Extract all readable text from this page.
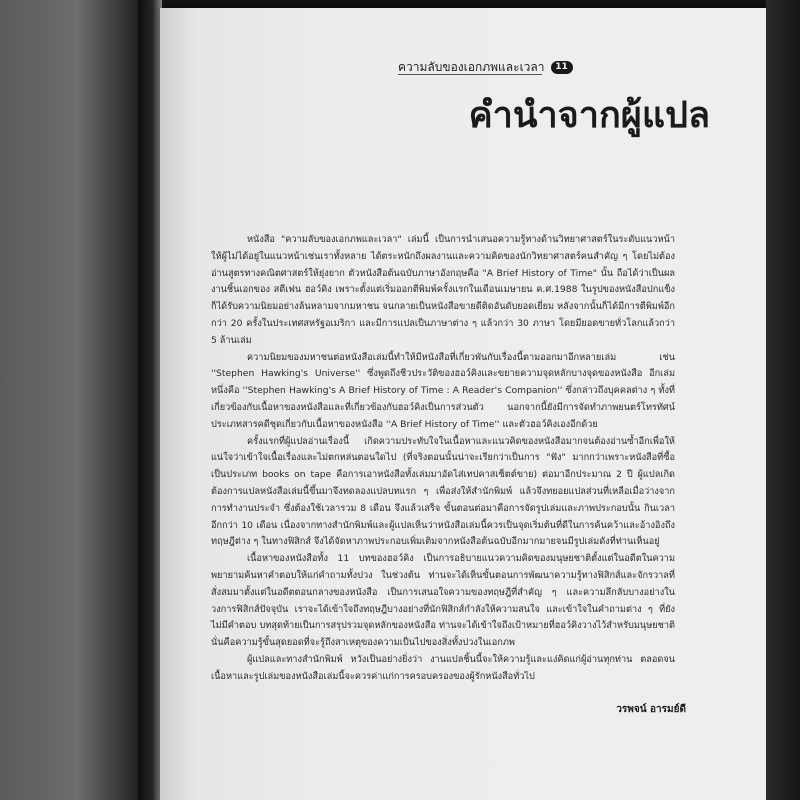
ความลับของเอกภพและเวลา	11
คำนำจากผู้แปล

หนังสือ "ความลับของเอกภพและเวลา" เล่มนี้ เป็นการนำเสนอความรู้ทางด้านวิทยาศาสตร์ในระดับแนวหน้า ให้ผู้ไม่ได้อยู่ในแนวหน้าเช่นเราทั้งหลาย ได้ตระหนักถึงผลงานและความคิดของนักวิทยาศาสตร์คนสำคัญ ๆ โดยไม่ต้องอ่านสูตรทางคณิตศาสตร์ให้ยุ่งยาก ตัวหนังสือต้นฉบับภาษาอังกฤษคือ "A Brief History of Time" นั้น ถือได้ว่าเป็นผลงานชิ้นเอกของ สตีเฟน ฮอว์คิง เพราะตั้งแต่เริ่มออกตีพิมพ์ครั้งแรกในเดือนเมษายน ค.ศ.1988 ในรูปของหนังสือปกแข็ง ก็ได้รับความนิยมอย่างล้นหลามจากมหาชน จนกลายเป็นหนังสือขายดีติดอันดับยอดเยี่ยม หลังจากนั้นก็ได้มีการตีพิมพ์อีกกว่า 20 ครั้งในประเทศสหรัฐอเมริกา และมีการแปลเป็นภาษาต่าง ๆ แล้วกว่า 30 ภาษา โดยมียอดขายทั่วโลกแล้วกว่า 5 ล้านเล่ม

ความนิยมของมหาชนต่อหนังสือเล่มนี้ทำให้มีหนังสือที่เกี่ยวพันกับเรื่องนี้ตามออกมาอีกหลายเล่ม เช่น ''Stephen Hawking's Universe'' ซึ่งพูดถึงชีวประวัติของฮอว์คิงและขยายความจุดหลักบางจุดของหนังสือ อีกเล่มหนึ่งคือ ''Stephen Hawking's A Brief History of Time : A Reader's Companion'' ซึ่งกล่าวถึงบุคคลต่าง ๆ ทั้งที่เกี่ยวข้องกับเนื้อหาของหนังสือและที่เกี่ยวข้องกับฮอว์คิงเป็นการส่วนตัว นอกจากนี้ยังมีการจัดทำภาพยนตร์โทรทัศน์ประเภทสารคดีชุดเกี่ยวกับเนื้อหาของหนังสือ ''A Brief History of Time'' และตัวฮอว์คิงเองอีกด้วย

ครั้งแรกที่ผู้แปลอ่านเรื่องนี้ เกิดความประทับใจในเนื้อหาและแนวคิดของหนังสือมากจนต้องอ่านซ้ำอีกเพื่อให้แน่ใจว่าเข้าใจเนื้อเรื่องและไม่ตกหล่นตอนใดไป (ที่จริงตอนนั้นน่าจะเรียกว่าเป็นการ "ฟัง" มากกว่าเพราะหนังสือที่ซื้อเป็นประเภท books on tape คือการเอาหนังสือทั้งเล่มมาอัดไส่เทปคาสเซ็ตต์ขาย) ต่อมาอีกประมาณ 2 ปี ผู้แปลเกิดต้องการแปลหนังสือเล่มนี้ขึ้นมาจึงทดลองแปลบทแรก ๆ เพื่อส่งให้สำนักพิมพ์ แล้วจึงทยอยแปลส่วนที่เหลือเมื่อว่างจากการทำงานประจำ ซึ่งต้องใช้เวลารวม 8 เดือน จึงแล้วเสร็จ ขั้นตอนต่อมาคือการจัดรูปเล่มและภาพประกอบนั้น กินเวลาอีกกว่า 10 เดือน เนื่องจากทางสำนักพิมพ์และผู้แปลเห็นว่าหนังสือเล่มนี้ควรเป็นจุดเริ่มต้นที่ดีในการค้นคว้าและอ้างอิงถึงทฤษฎีต่าง ๆ ในทางฟิสิกส์ จึงได้จัดหาภาพประกอบเพิ่มเติมจากหนังสือต้นฉบับอีกมากมายจนมีรูปเล่มดังที่ท่านเห็นอยู่

เนื้อหาของหนังสือทั้ง 11 บทของฮอว์คิง เป็นการอธิบายแนวความคิดของมนุษยชาติตั้งแต่ในอดีตในความพยายามค้นหาคำตอบให้แก่คำถามทั้งปวง ในช่วงต้น ท่านจะได้เห็นขั้นตอนการพัฒนาความรู้ทางฟิสิกส์และจักรวาลที่สั่งสมมาตั้งแต่ในอดีตตอนกลางของหนังสือ เป็นการเสนอใจความของทฤษฎีที่สำคัญ ๆ และความลึกลับบางอย่างในวงการฟิสิกส์ปัจจุบัน เราจะได้เข้าใจถึงทฤษฎีบางอย่างที่นักฟิสิกส์กำลังให้ความสนใจ และเข้าใจในคำถามต่าง ๆ ที่ยังไม่มีคำตอบ บทสุดท้ายเป็นการสรุปรวมจุดหลักของหนังสือ ท่านจะได้เข้าใจถึงเป้าหมายที่ฮอว์คิงวางไว้สำหรับมนุษยชาติ นั่นคือความรู้ขั้นสุดยอดที่จะรู้ถึงสาเหตุของความเป็นไปของสิ่งทั้งปวงในเอกภพ

ผู้แปลและทางสำนักพิมพ์ หวังเป็นอย่างยิ่งว่า งานแปลชิ้นนี้จะให้ความรู้และแง่คิดแก่ผู้อ่านทุกท่าน ตลอดจนเนื้อหาและรูปเล่มของหนังสือเล่มนี้จะควรค่าแก่การครอบครองของผู้รักหนังสือทั่วไป

วรพจน์ อารมย์ดี
